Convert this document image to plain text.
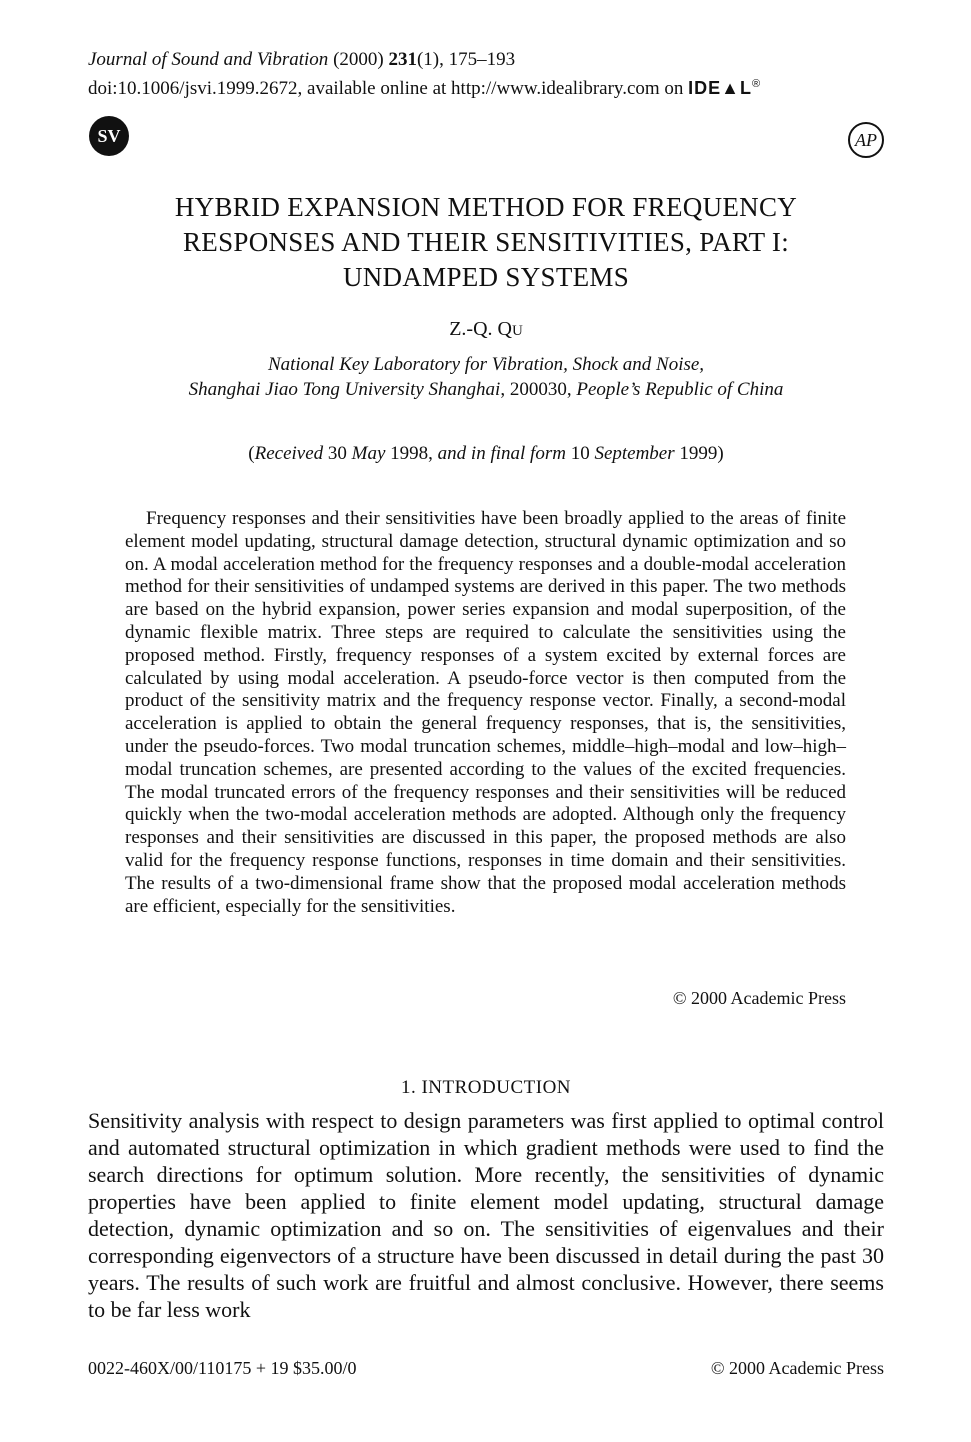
Journal of Sound and Vibration (2000) 231(1), 175–193
doi:10.1006/jsvi.1999.2672, available online at http://www.idealibrary.com on IDE▲L®
SV	AP
HYBRID EXPANSION METHOD FOR FREQUENCY
RESPONSES AND THEIR SENSITIVITIES, PART I:
UNDAMPED SYSTEMS
Z.-Q. QU
National Key Laboratory for Vibration, Shock and Noise,
Shanghai Jiao Tong University Shanghai, 200030, People’s Republic of China
(Received 30 May 1998, and in final form 10 September 1999)

Frequency responses and their sensitivities have been broadly applied to the areas of finite element model updating, structural damage detection, structural dynamic optimization and so on. A modal acceleration method for the frequency responses and a double-modal acceleration method for their sensitivities of undamped systems are derived in this paper. The two methods are based on the hybrid expansion, power series expansion and modal superposition, of the dynamic flexible matrix. Three steps are required to calculate the sensitivities using the proposed method. Firstly, frequency responses of a system excited by external forces are calculated by using modal acceleration. A pseudo-force vector is then computed from the product of the sensitivity matrix and the frequency response vector. Finally, a second-modal acceleration is applied to obtain the general frequency responses, that is, the sensitivities, under the pseudo-forces. Two modal truncation schemes, middle–high–modal and low–high–modal truncation schemes, are presented according to the values of the excited frequencies. The modal truncated errors of the frequency responses and their sensitivities will be reduced quickly when the two-modal acceleration methods are adopted. Although only the frequency responses and their sensitivities are discussed in this paper, the proposed methods are also valid for the frequency response functions, responses in time domain and their sensitivities. The results of a two-dimensional frame show that the proposed modal acceleration methods are efficient, especially for the sensitivities.

© 2000 Academic Press
1. INTRODUCTION

Sensitivity analysis with respect to design parameters was first applied to optimal control and automated structural optimization in which gradient methods were used to find the search directions for optimum solution. More recently, the sensitivities of dynamic properties have been applied to finite element model updating, structural damage detection, dynamic optimization and so on. The sensitivities of eigenvalues and their corresponding eigenvectors of a structure have been discussed in detail during the past 30 years. The results of such work are fruitful and almost conclusive. However, there seems to be far less work

0022-460X/00/110175 + 19 $35.00/0	© 2000 Academic Press
